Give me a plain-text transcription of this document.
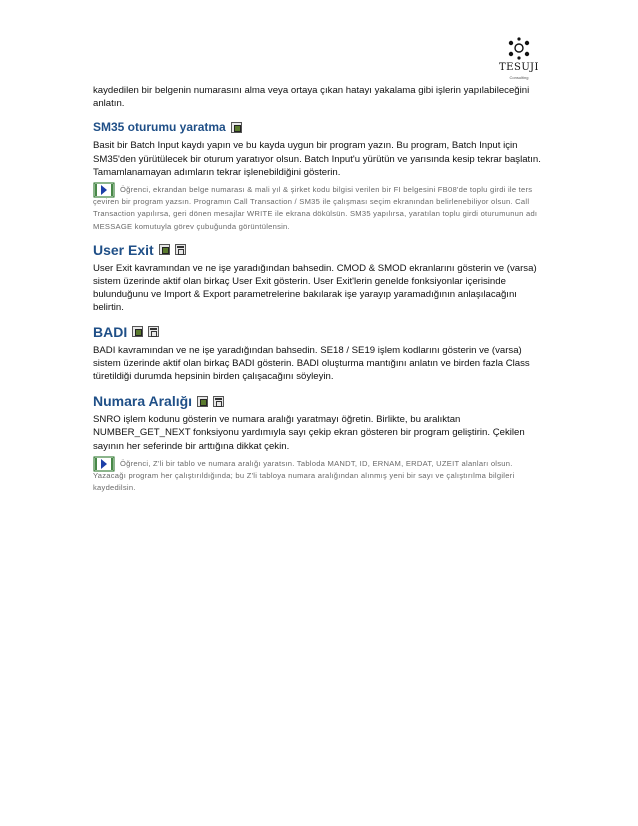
TESUJI
Consulting

kaydedilen bir belgenin numarasını alma veya ortaya çıkan hatayı yakalama gibi işlerin yapılabileceğini anlatın.

SM35 oturumu yaratma

Basit bir Batch Input kaydı yapın ve bu kayda uygun bir program yazın. Bu program, Batch Input için SM35'den yürütülecek bir oturum yaratıyor olsun. Batch Input'u yürütün ve yarısında kesip tekrar başlatın. Tamamlanamayan adımların tekrar işlenebildiğini gösterin.

Öğrenci, ekrandan belge numarası & mali yıl & şirket kodu bilgisi verilen bir FI belgesini FB08'de toplu girdi ile ters çeviren bir program yazsın. Programın Call Transaction / SM35 ile çalışması seçim ekranından belirlenebiliyor olsun. Call Transaction yapılırsa, geri dönen mesajlar WRITE ile ekrana dökülsün. SM35 yapılırsa, yaratılan toplu girdi oturumunun adı MESSAGE komutuyla görev çubuğunda görüntülensin.
User Exit

User Exit kavramından ve ne işe yaradığından bahsedin. CMOD & SMOD ekranlarını gösterin ve (varsa) sistem üzerinde aktif olan birkaç User Exit gösterin. User Exit'lerin genelde fonksiyonlar içerisinde bulunduğunu ve Import & Export parametrelerine bakılarak işe yarayıp yaramadığının anlaşılacağını belirtin.

BADI

BADI kavramından ve ne işe yaradığından bahsedin. SE18 / SE19 işlem kodlarını gösterin ve (varsa) sistem üzerinde aktif olan birkaç BADI gösterin. BADI oluşturma mantığını anlatın ve birden fazla Class türetildiği durumda hepsinin birden çalışacağını söyleyin.

Numara Aralığı

SNRO işlem kodunu gösterin ve numara aralığı yaratmayı öğretin. Birlikte, bu aralıktan NUMBER_GET_NEXT fonksiyonu yardımıyla sayı çekip ekran gösteren bir program geliştirin. Çekilen sayının her seferinde bir arttığına dikkat çekin.

Öğrenci, Z'li bir tablo ve numara aralığı yaratsın. Tabloda MANDT, ID, ERNAM, ERDAT, UZEIT alanları olsun. Yazacağı program her çalıştırıldığında; bu Z'li tabloya numara aralığından alınmış yeni bir sayı ve çalıştırılma bilgileri kaydedilsin.
